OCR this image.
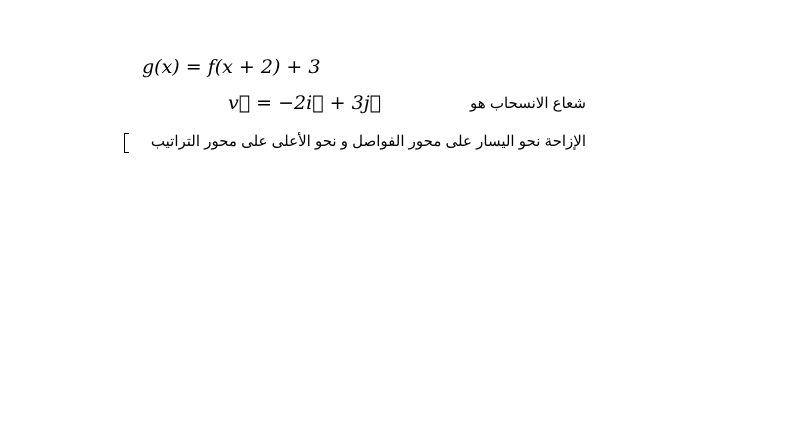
g(x) = f(x + 2) + 3
v⃗ = −2i⃗ + 3j⃗	شعاع الانسحاب هو
الإزاحة نحو اليسار على محور الفواصل و نحو الأعلى على محور التراتيب
